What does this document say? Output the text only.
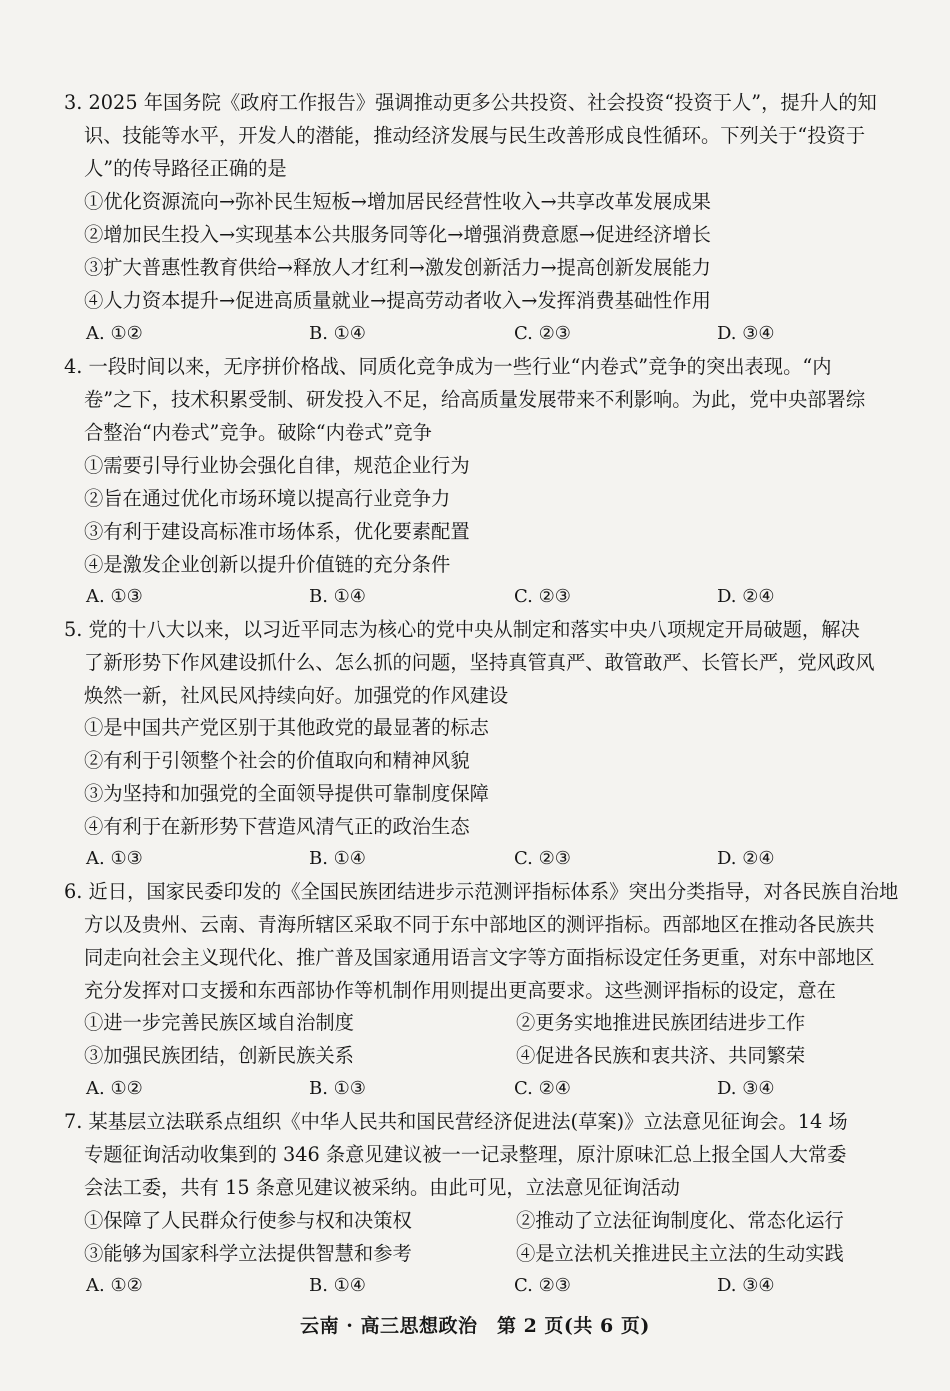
3. 2025 年国务院《政府工作报告》强调推动更多公共投资、社会投资“投资于人”，提升人的知
识、技能等水平，开发人的潜能，推动经济发展与民生改善形成良性循环。下列关于“投资于
人”的传导路径正确的是
①优化资源流向→弥补民生短板→增加居民经营性收入→共享改革发展成果
②增加民生投入→实现基本公共服务同等化→增强消费意愿→促进经济增长
③扩大普惠性教育供给→释放人才红利→激发创新活力→提高创新发展能力
④人力资本提升→促进高质量就业→提高劳动者收入→发挥消费基础性作用
A. ①②	B. ①④	C. ②③	D. ③④
4. 一段时间以来，无序拼价格战、同质化竞争成为一些行业“内卷式”竞争的突出表现。“内
卷”之下，技术积累受制、研发投入不足，给高质量发展带来不利影响。为此，党中央部署综
合整治“内卷式”竞争。破除“内卷式”竞争
①需要引导行业协会强化自律，规范企业行为
②旨在通过优化市场环境以提高行业竞争力
③有利于建设高标准市场体系，优化要素配置
④是激发企业创新以提升价值链的充分条件
A. ①③	B. ①④	C. ②③	D. ②④
5. 党的十八大以来，以习近平同志为核心的党中央从制定和落实中央八项规定开局破题，解决
了新形势下作风建设抓什么、怎么抓的问题，坚持真管真严、敢管敢严、长管长严，党风政风
焕然一新，社风民风持续向好。加强党的作风建设
①是中国共产党区别于其他政党的最显著的标志
②有利于引领整个社会的价值取向和精神风貌
③为坚持和加强党的全面领导提供可靠制度保障
④有利于在新形势下营造风清气正的政治生态
A. ①③	B. ①④	C. ②③	D. ②④
6. 近日，国家民委印发的《全国民族团结进步示范测评指标体系》突出分类指导，对各民族自治地
方以及贵州、云南、青海所辖区采取不同于东中部地区的测评指标。西部地区在推动各民族共
同走向社会主义现代化、推广普及国家通用语言文字等方面指标设定任务更重，对东中部地区
充分发挥对口支援和东西部协作等机制作用则提出更高要求。这些测评指标的设定，意在
①进一步完善民族区域自治制度	②更务实地推进民族团结进步工作
③加强民族团结，创新民族关系	④促进各民族和衷共济、共同繁荣
A. ①②	B. ①③	C. ②④	D. ③④
7. 某基层立法联系点组织《中华人民共和国民营经济促进法(草案)》立法意见征询会。14 场
专题征询活动收集到的 346 条意见建议被一一记录整理，原汁原味汇总上报全国人大常委
会法工委，共有 15 条意见建议被采纳。由此可见，立法意见征询活动
①保障了人民群众行使参与权和决策权	②推动了立法征询制度化、常态化运行
③能够为国家科学立法提供智慧和参考	④是立法机关推进民主立法的生动实践
A. ①②	B. ①④	C. ②③	D. ③④
云南 · 高三思想政治　第 2 页(共 6 页)
